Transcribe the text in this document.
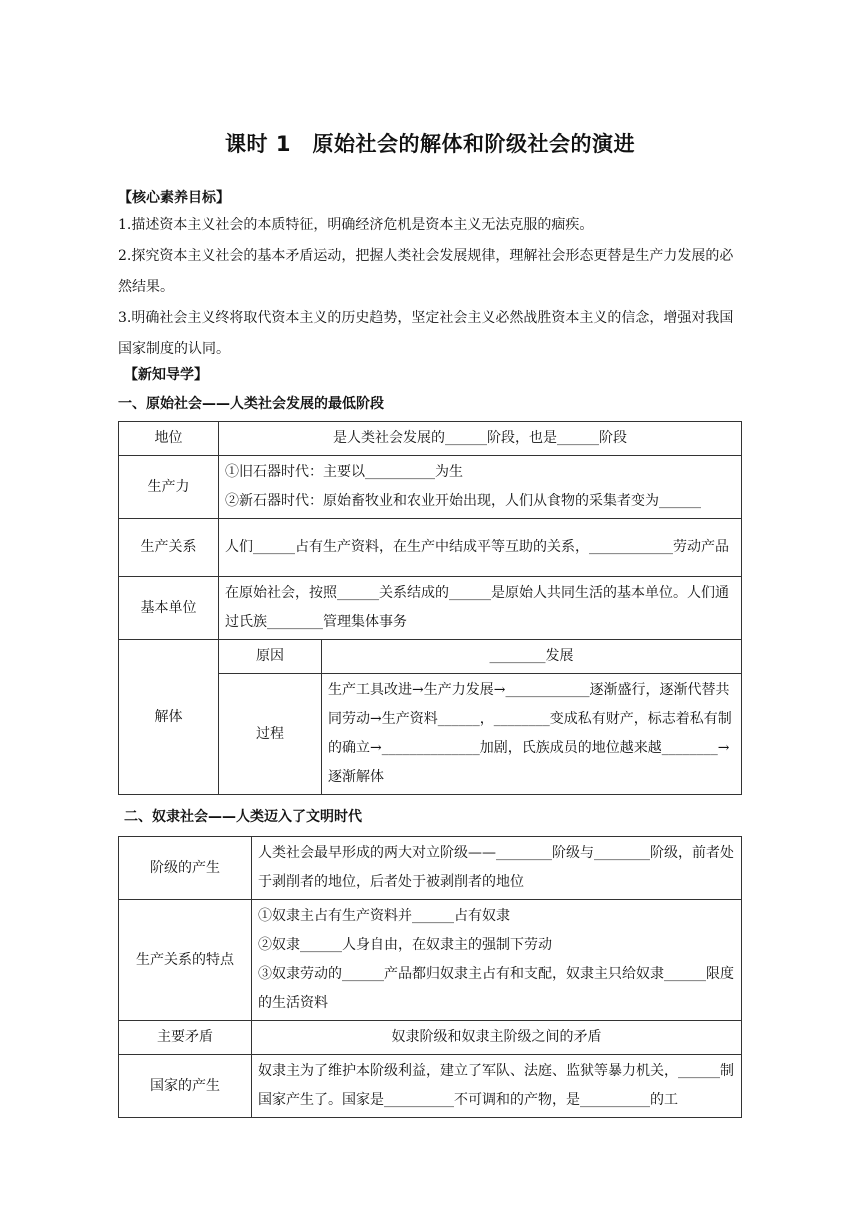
课时 1　原始社会的解体和阶级社会的演进
【核心素养目标】
1.描述资本主义社会的本质特征，明确经济危机是资本主义无法克服的痼疾。
2.探究资本主义社会的基本矛盾运动，把握人类社会发展规律，理解社会形态更替是生产力发展的必然结果。
3.明确社会主义终将取代资本主义的历史趋势，坚定社会主义必然战胜资本主义的信念，增强对我国国家制度的认同。
【新知导学】
一、原始社会——人类社会发展的最低阶段
地位	是人类社会发展的______阶段，也是______阶段	
生产力	①旧石器时代：主要以__________为生
②新石器时代：原始畜牧业和农业开始出现，人们从食物的采集者变为______	

生产关系	人们______占有生产资料，在生产中结成平等互助的关系，____________劳动产品	
基本单位	在原始社会，按照______关系结成的______是原始人共同生活的基本单位。人们通过氏族________管理集体事务	
解体	原因	________发展
	过程	生产工具改进→生产力发展→____________逐渐盛行，逐渐代替共同劳动→生产资料______，________变成私有财产，标志着私有制的确立→______________加剧，氏族成员的地位越来越________→逐渐解体
二、奴隶社会——人类迈入了文明时代
阶级的产生	人类社会最早形成的两大对立阶级——________阶级与________阶级，前者处于剥削者的地位，后者处于被剥削者的地位
生产关系的特点	①奴隶主占有生产资料并______占有奴隶
②奴隶______人身自由，在奴隶主的强制下劳动
③奴隶劳动的______产品都归奴隶主占有和支配，奴隶主只给奴隶______限度的生活资料

主要矛盾	奴隶阶级和奴隶主阶级之间的矛盾
国家的产生	奴隶主为了维护本阶级利益，建立了军队、法庭、监狱等暴力机关，______制国家产生了。国家是__________不可调和的产物，是__________的工
